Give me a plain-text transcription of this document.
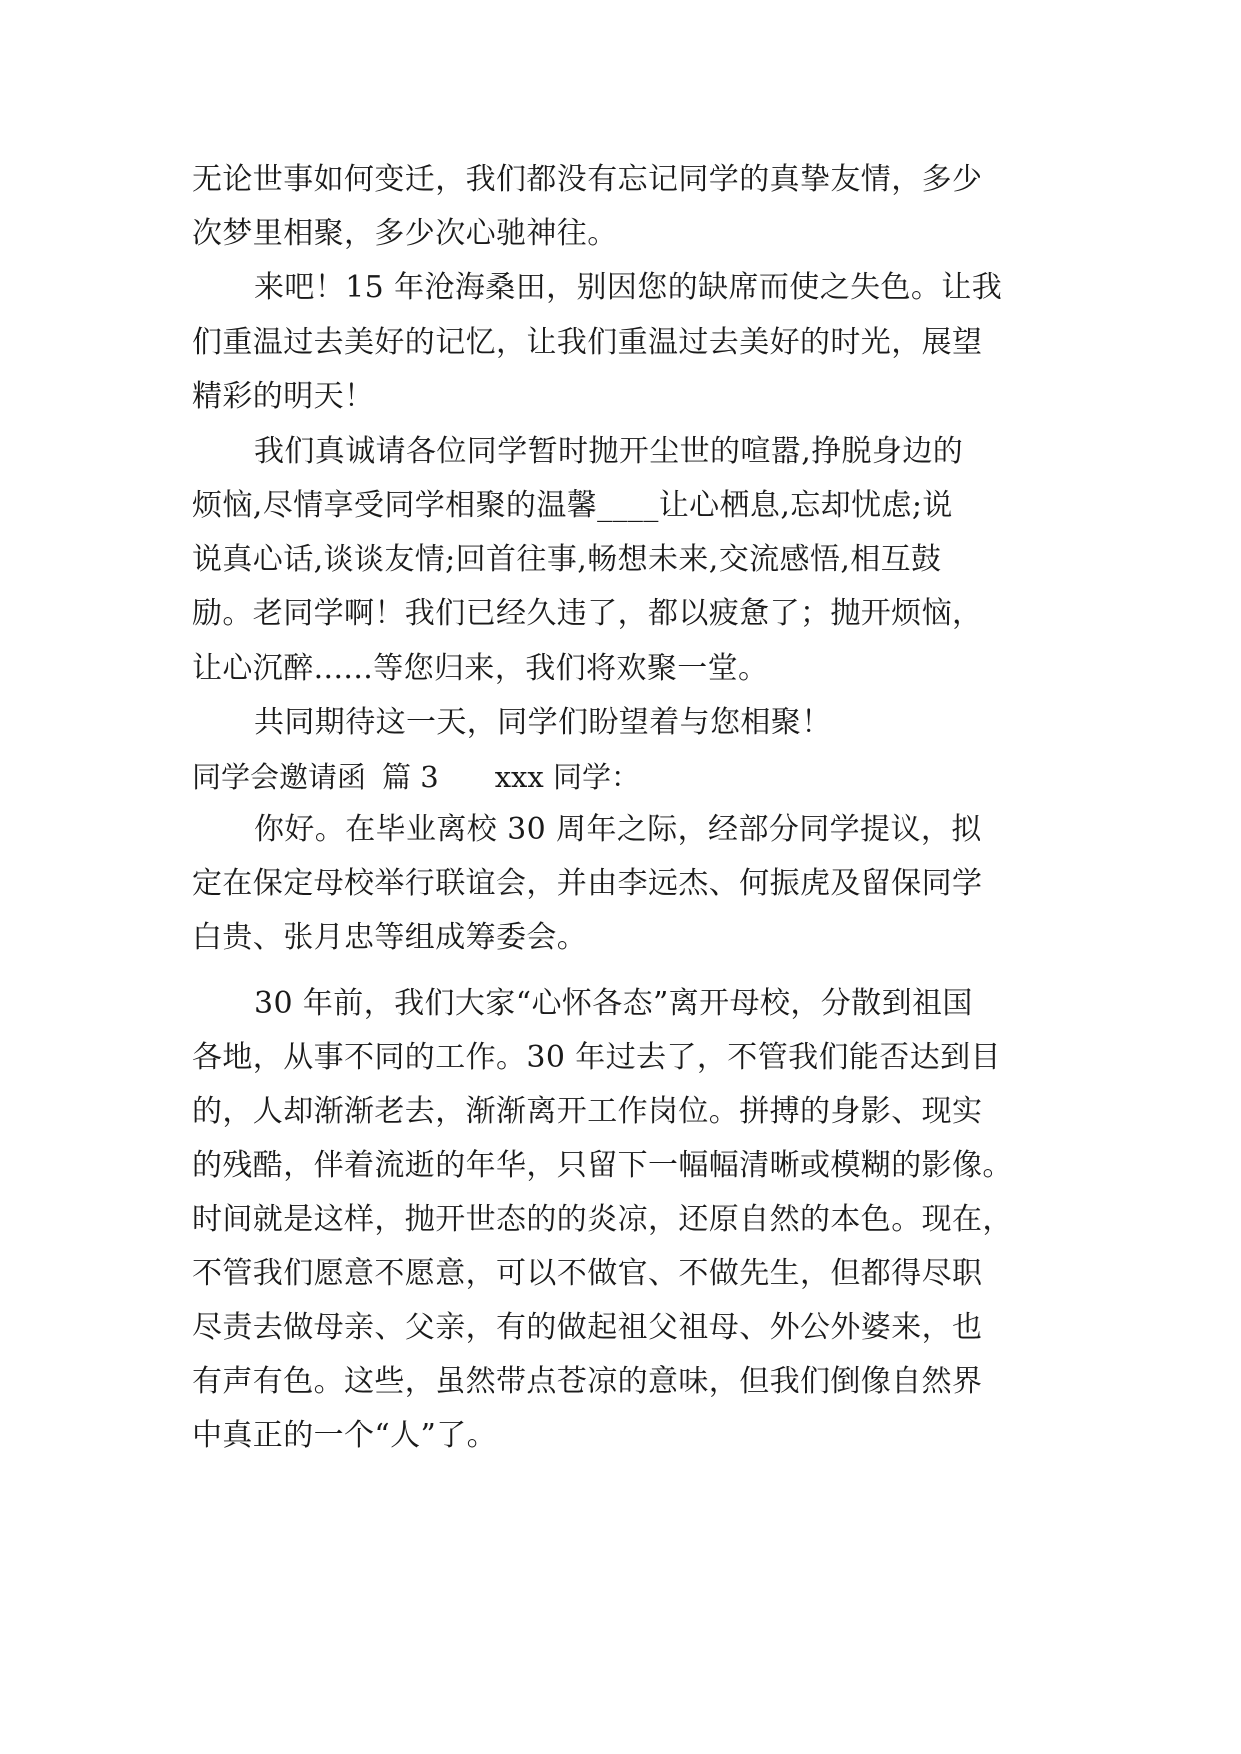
无论世事如何变迁，我们都没有忘记同学的真挚友情，多少
次梦里相聚，多少次心驰神往。
来吧！15 年沧海桑田，别因您的缺席而使之失色。让我
们重温过去美好的记忆，让我们重温过去美好的时光，展望
精彩的明天！
我们真诚请各位同学暂时抛开尘世的喧嚣,挣脱身边的
烦恼,尽情享受同学相聚的温馨____让心栖息,忘却忧虑;说
说真心话,谈谈友情;回首往事,畅想未来,交流感悟,相互鼓
励。老同学啊！我们已经久违了，都以疲惫了；抛开烦恼，
让心沉醉......等您归来，我们将欢聚一堂。
共同期待这一天，同学们盼望着与您相聚！
同学会邀请函 篇 3 xxx 同学：
你好。在毕业离校 30 周年之际，经部分同学提议，拟
定在保定母校举行联谊会，并由李远杰、何振虎及留保同学
白贵、张月忠等组成筹委会。
30 年前，我们大家“心怀各态”离开母校，分散到祖国
各地，从事不同的工作。30 年过去了，不管我们能否达到目
的，人却渐渐老去，渐渐离开工作岗位。拼搏的身影、现实
的残酷，伴着流逝的年华，只留下一幅幅清晰或模糊的影像。
时间就是这样，抛开世态的的炎凉，还原自然的本色。现在，
不管我们愿意不愿意，可以不做官、不做先生，但都得尽职
尽责去做母亲、父亲，有的做起祖父祖母、外公外婆来，也
有声有色。这些，虽然带点苍凉的意味，但我们倒像自然界
中真正的一个“人”了。
